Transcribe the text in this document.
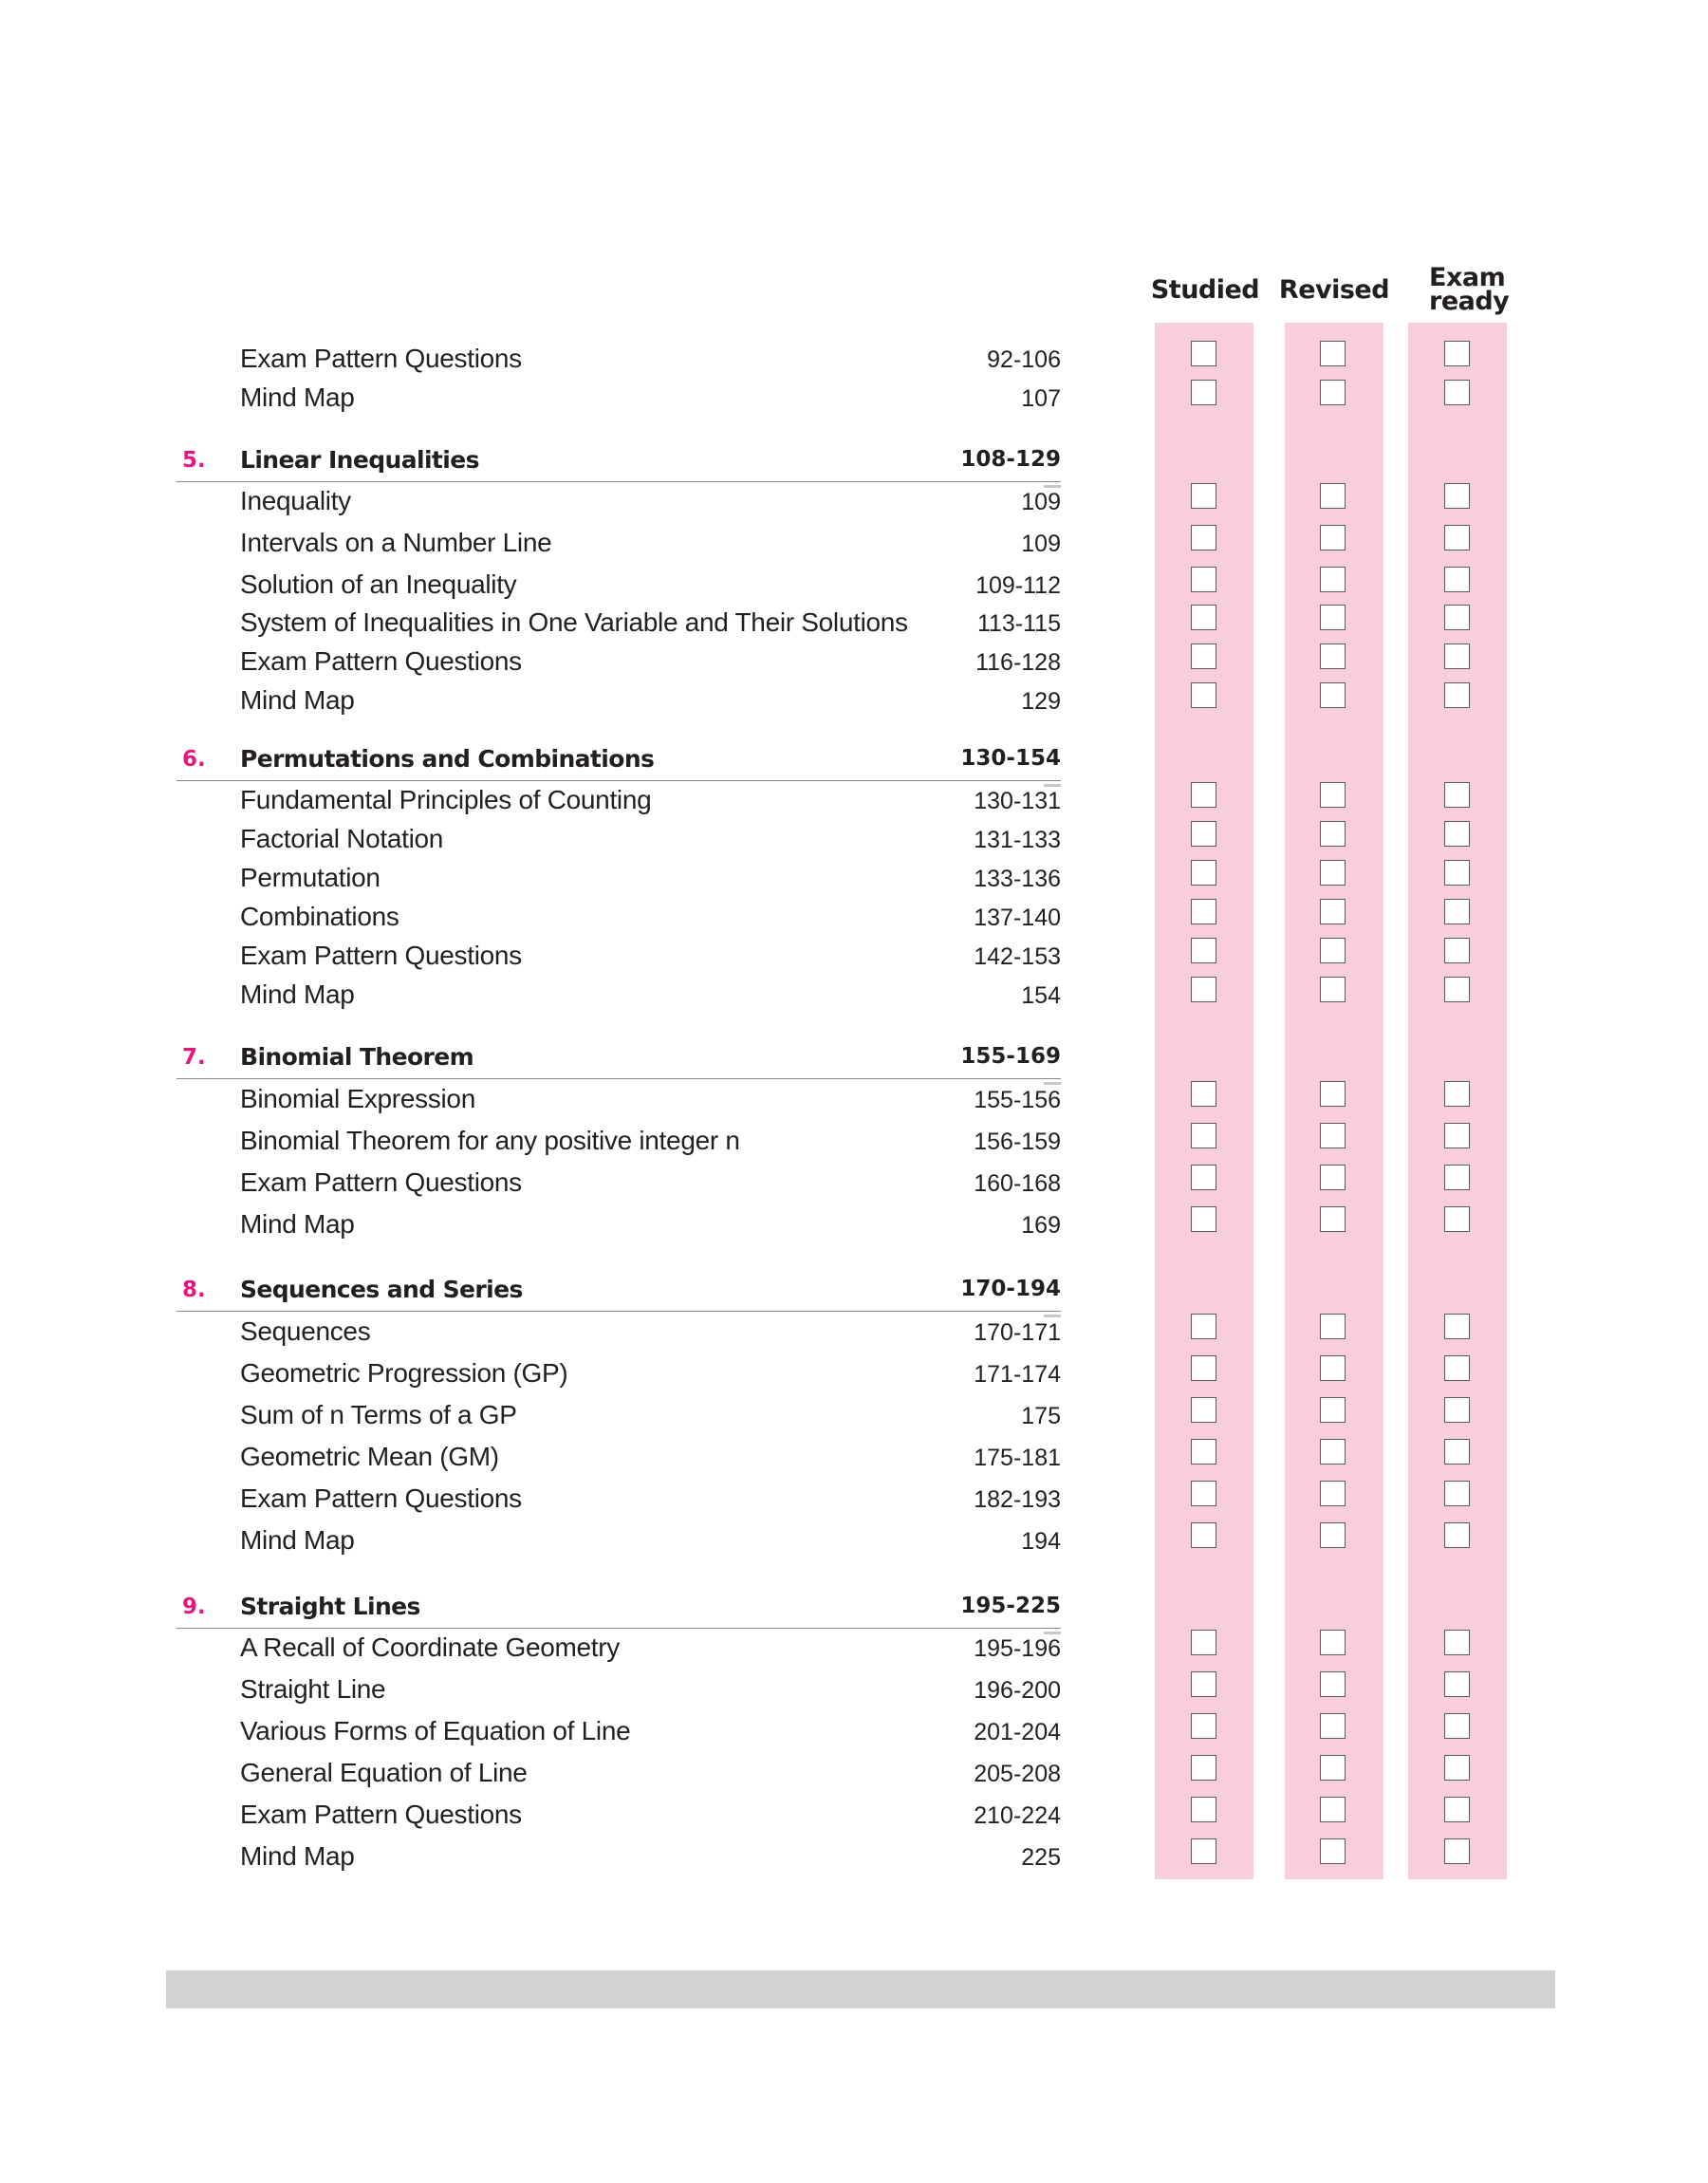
Studied Revised	Exam ready
Exam Pattern Questions	92-106
Mind Map	107
5. Linear Inequalities	108-129
Inequality	109
Intervals on a Number Line	109
Solution of an Inequality	109-112
System of Inequalities in One Variable and Their Solutions	113-115
Exam Pattern Questions	116-128
Mind Map	129
6. Permutations and Combinations	130-154
Fundamental Principles of Counting	130-131
Factorial Notation	131-133
Permutation	133-136
Combinations	137-140
Exam Pattern Questions	142-153
Mind Map	154
7. Binomial Theorem	155-169
Binomial Expression	155-156
Binomial Theorem for any positive integer n	156-159
Exam Pattern Questions	160-168
Mind Map	169
8. Sequences and Series	170-194
Sequences	170-171
Geometric Progression (GP)	171-174
Sum of n Terms of a GP	175
Geometric Mean (GM)	175-181
Exam Pattern Questions	182-193
Mind Map	194
9. Straight Lines	195-225
A Recall of Coordinate Geometry	195-196
Straight Line	196-200
Various Forms of Equation of Line	201-204
General Equation of Line	205-208
Exam Pattern Questions	210-224
Mind Map	225
